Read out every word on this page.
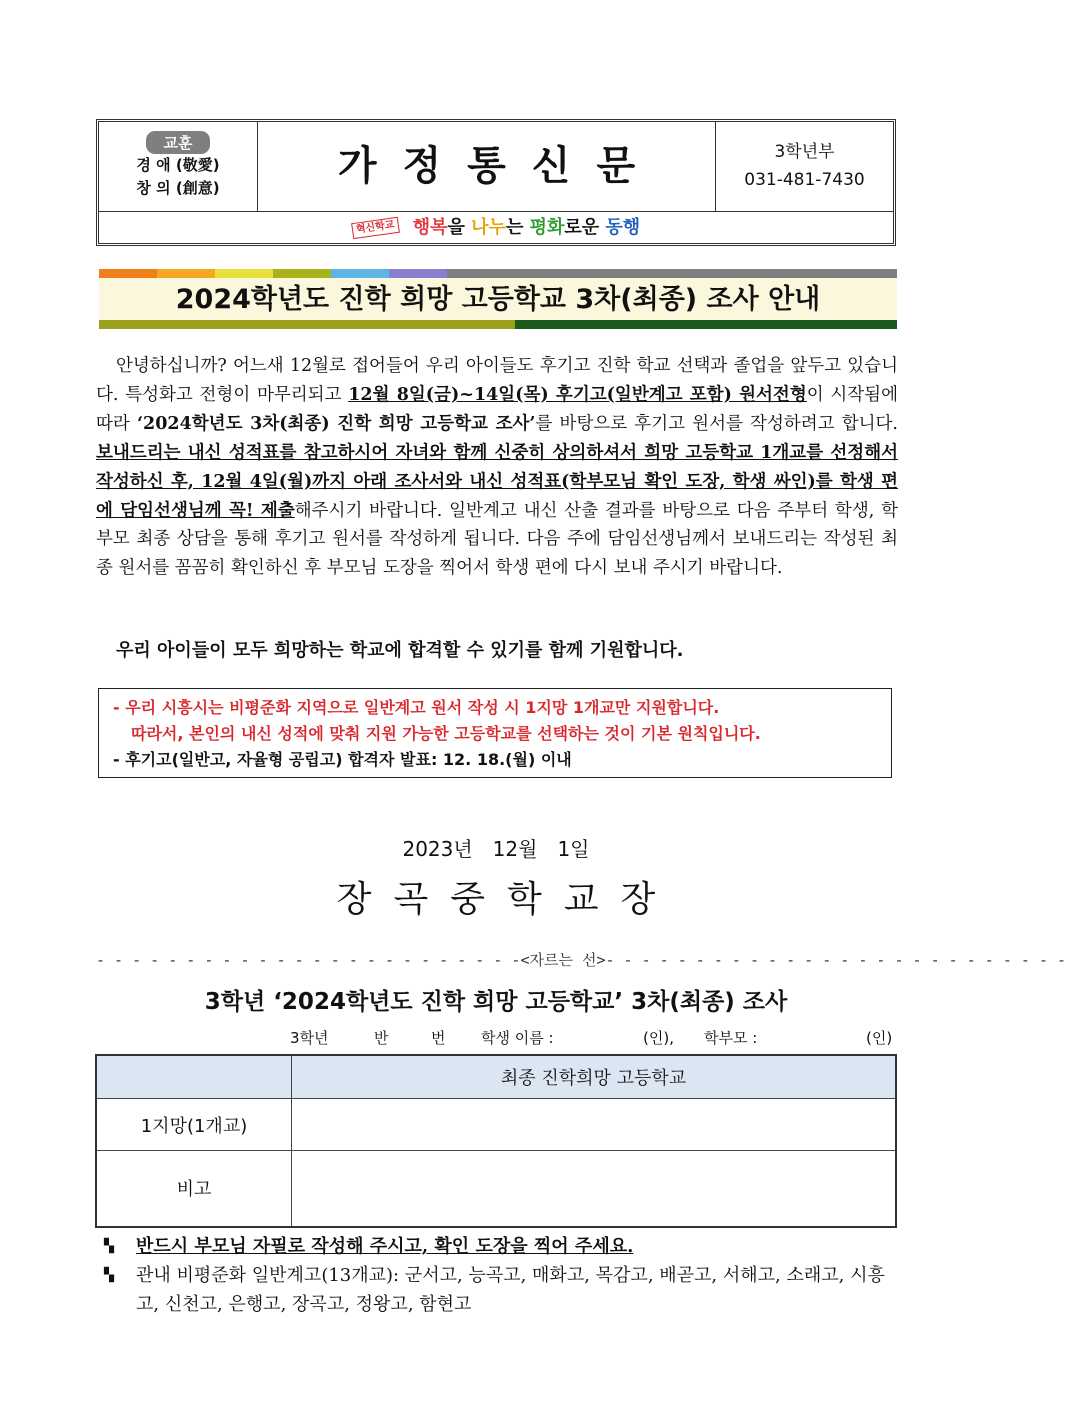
교훈
경 애 (敬愛)
창 의 (創意)	가정통신문	3학년부
031-481-7430
혁신학교 행복을 나누는 평화로운 동행
2024학년도 진학 희망 고등학교 3차(최종) 조사 안내
안녕하십니까? 어느새 12월로 접어들어 우리 아이들도 후기고 진학 학교 선택과 졸업을 앞두고 있습니다. 특성화고 전형이 마무리되고 12월 8일(금)~14일(목) 후기고(일반계고 포함) 원서전형이 시작됨에 따라 ‘2024학년도 3차(최종) 진학 희망 고등학교 조사’를 바탕으로 후기고 원서를 작성하려고 합니다. 보내드리는 내신 성적표를 참고하시어 자녀와 함께 신중히 상의하셔서 희망 고등학교 1개교를 선정해서 작성하신 후, 12월 4일(월)까지 아래 조사서와 내신 성적표(학부모님 확인 도장, 학생 싸인)를 학생 편에 담임선생님께 꼭! 제출해주시기 바랍니다. 일반계고 내신 산출 결과를 바탕으로 다음 주부터 학생, 학부모 최종 상담을 통해 후기고 원서를 작성하게 됩니다. 다음 주에 담임선생님께서 보내드리는 작성된 최종 원서를 꼼꼼히 확인하신 후 부모님 도장을 찍어서 학생 편에 다시 보내 주시기 바랍니다.
우리 아이들이 모두 희망하는 학교에 합격할 수 있기를 함께 기원합니다.
- 우리 시흥시는 비평준화 지역으로 일반계고 원서 작성 시 1지망 1개교만 지원합니다.
따라서, 본인의 내신 성적에 맞춰 지원 가능한 고등학교를 선택하는 것이 기본 원칙입니다.
- 후기고(일반고, 자율형 공립고) 합격자 발표: 12. 18.(월) 이내
2023년　12월　1일
장곡중학교장
- - - - - - - - - - - - - - - - - - - - - - - -<자르는 선>- - - - - - - - - - - - - - - - - - - - - - - - - -
3학년 ‘2024학년도 진학 희망 고등학교’ 3차(최종) 조사
3학년	반	번 학생 이름 :	(인), 학부모 :	(인)
	최종 진학희망 고등학교
1지망(1개교)	
비고	
▚ 반드시 부모님 자필로 작성해 주시고, 확인 도장을 찍어 주세요.
▚ 관내 비평준화 일반계고(13개교): 군서고, 능곡고, 매화고, 목감고, 배곧고, 서해고, 소래고, 시흥고, 신천고, 은행고, 장곡고, 정왕고, 함현고
